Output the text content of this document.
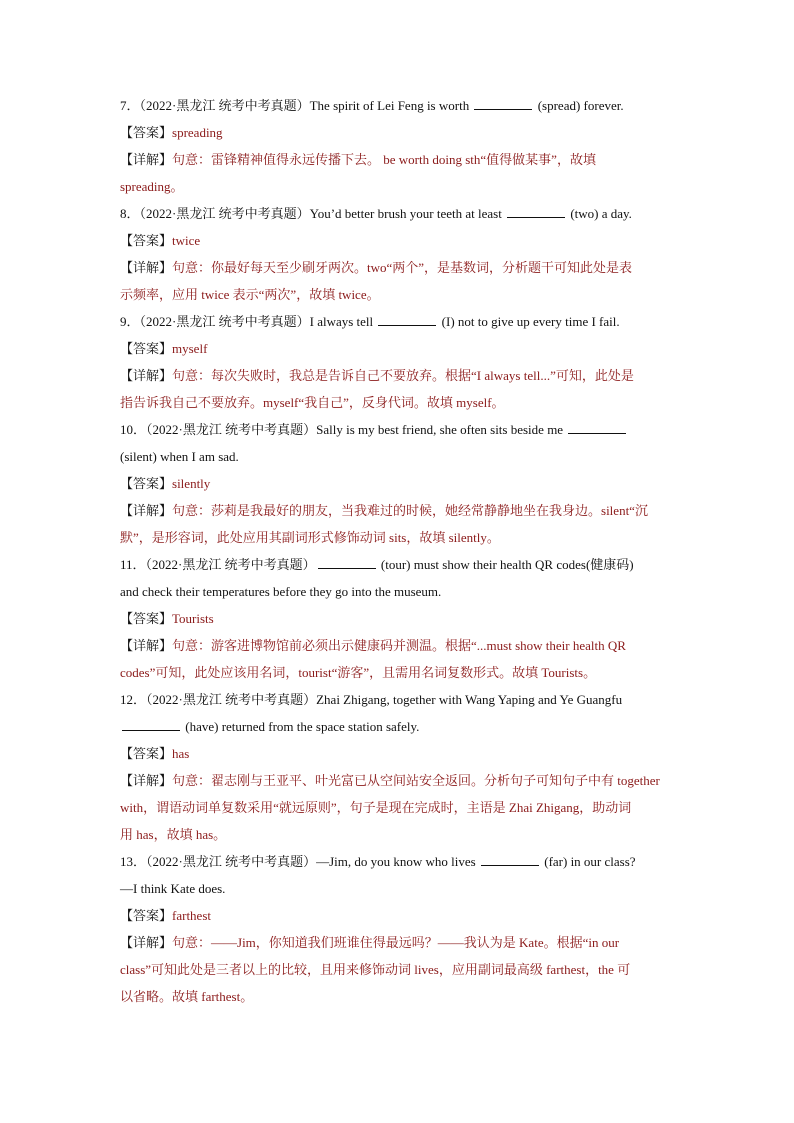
7．（2022·黑龙江 统考中考真题）The spirit of Lei Feng is worth	(spread) forever.

【答案】spreading

【详解】句意：雷锋精神值得永远传播下去。 be worth doing sth“值得做某事”，故填

spreading。

8．（2022·黑龙江 统考中考真题）You’d better brush your teeth at least	(two) a day.

【答案】twice

【详解】句意：你最好每天至少刷牙两次。two“两个”，是基数词，分析题干可知此处是表

示频率，应用 twice 表示“两次”，故填 twice。

9．（2022·黑龙江 统考中考真题）I always tell	(I) not to give up every time I fail.

【答案】myself

【详解】句意：每次失败时，我总是告诉自己不要放弃。根据“I always tell...”可知，此处是

指告诉我自己不要放弃。myself“我自己”，反身代词。故填 myself。

10．（2022·黑龙江 统考中考真题）Sally is my best friend, she often sits beside me

(silent) when I am sad.

【答案】silently

【详解】句意：莎莉是我最好的朋友，当我难过的时候，她经常静静地坐在我身边。silent“沉

默”，是形容词，此处应用其副词形式修饰动词 sits，故填 silently。

11．（2022·黑龙江 统考中考真题）	(tour) must show their health QR codes(健康码)

and check their temperatures before they go into the museum.

【答案】Tourists

【详解】句意：游客进博物馆前必须出示健康码并测温。根据“...must show their health QR

codes”可知，此处应该用名词，tourist“游客”，且需用名词复数形式。故填 Tourists。

12．（2022·黑龙江 统考中考真题）Zhai Zhigang, together with Wang Yaping and Ye Guangfu

(have) returned from the space station safely.

【答案】has

【详解】句意：翟志刚与王亚平、叶光富已从空间站安全返回。分析句子可知句子中有 together

with，谓语动词单复数采用“就远原则”，句子是现在完成时，主语是 Zhai Zhigang，助动词

用 has，故填 has。

13．（2022·黑龙江 统考中考真题）—Jim, do you know who lives	(far) in our class?

—I think Kate does.

【答案】farthest

【详解】句意：——Jim，你知道我们班谁住得最远吗？——我认为是 Kate。根据“in our

class”可知此处是三者以上的比较，且用来修饰动词 lives，应用副词最高级 farthest，the 可

以省略。故填 farthest。
